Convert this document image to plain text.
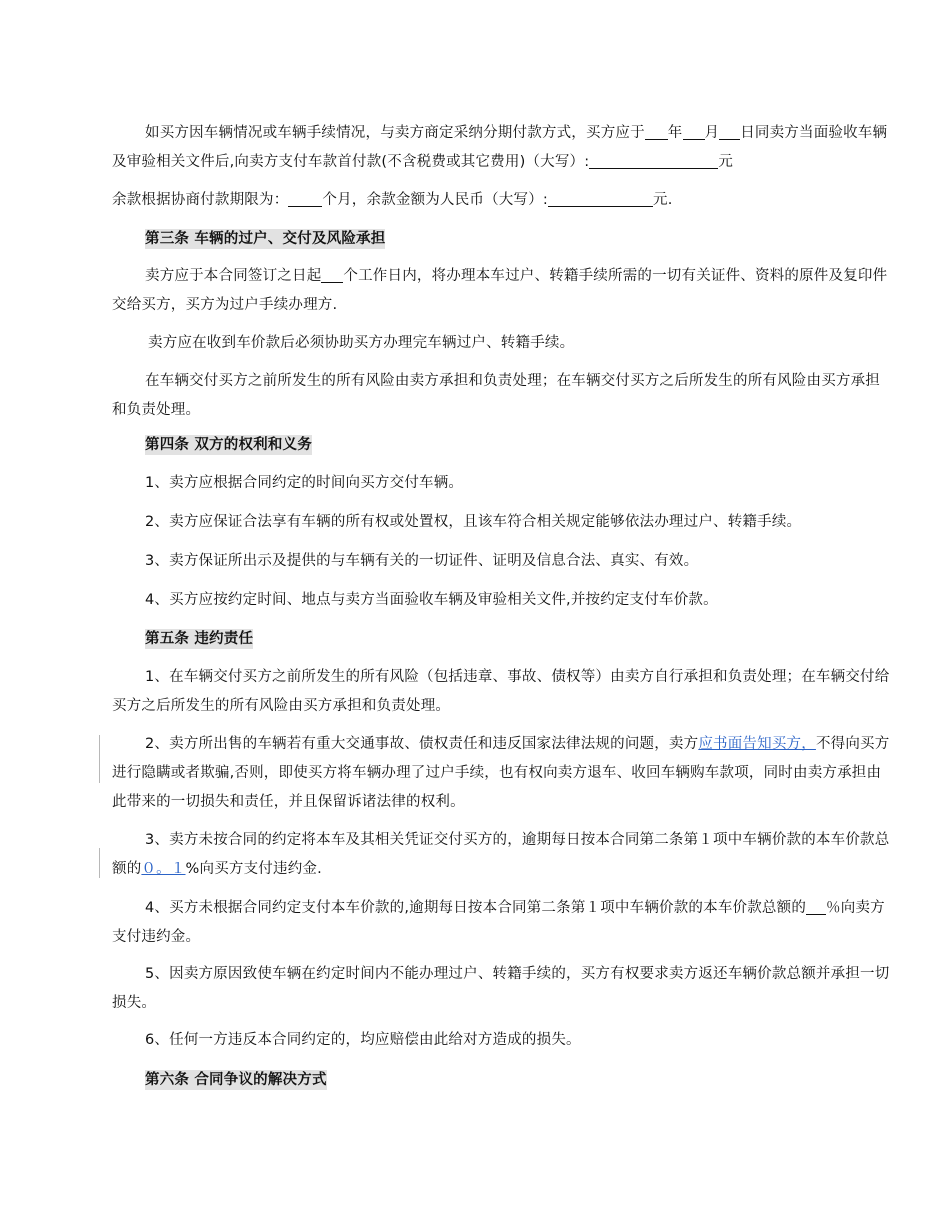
如买方因车辆情况或车辆手续情况，与卖方商定采纳分期付款方式，买方应于 年 月 日同卖方当面验收车辆及审验相关文件后,向卖方支付车款首付款(不含税费或其它费用)（大写）:	元

余款根据协商付款期限为： 个月，余款金额为人民币（大写）:	元.

第三条 车辆的过户、交付及风险承担

卖方应于本合同签订之日起 个工作日内，将办理本车过户、转籍手续所需的一切有关证件、资料的原件及复印件交给买方，买方为过户手续办理方.

卖方应在收到车价款后必须协助买方办理完车辆过户、转籍手续。

在车辆交付买方之前所发生的所有风险由卖方承担和负责处理；在车辆交付买方之后所发生的所有风险由买方承担和负责处理。

第四条 双方的权利和义务

1、卖方应根据合同约定的时间向买方交付车辆。

2、卖方应保证合法享有车辆的所有权或处置权，且该车符合相关规定能够依法办理过户、转籍手续。

3、卖方保证所出示及提供的与车辆有关的一切证件、证明及信息合法、真实、有效。

4、买方应按约定时间、地点与卖方当面验收车辆及审验相关文件,并按约定支付车价款。

第五条 违约责任

1、在车辆交付买方之前所发生的所有风险（包括违章、事故、债权等）由卖方自行承担和负责处理；在车辆交付给买方之后所发生的所有风险由买方承担和负责处理。

2、卖方所出售的车辆若有重大交通事故、债权责任和违反国家法律法规的问题，卖方应书面告知买方，不得向买方进行隐瞒或者欺骗,否则，即使买方将车辆办理了过户手续，也有权向卖方退车、收回车辆购车款项，同时由卖方承担由此带来的一切损失和责任，并且保留诉诸法律的权利。

3、卖方未按合同的约定将本车及其相关凭证交付买方的，逾期每日按本合同第二条第１项中车辆价款的本车价款总额的０。１%向买方支付违约金.

4、买方未根据合同约定支付本车价款的,逾期每日按本合同第二条第１项中车辆价款的本车价款总额的 ％向卖方支付违约金。

5、因卖方原因致使车辆在约定时间内不能办理过户、转籍手续的，买方有权要求卖方返还车辆价款总额并承担一切损失。

6、任何一方违反本合同约定的，均应赔偿由此给对方造成的损失。

第六条 合同争议的解决方式
